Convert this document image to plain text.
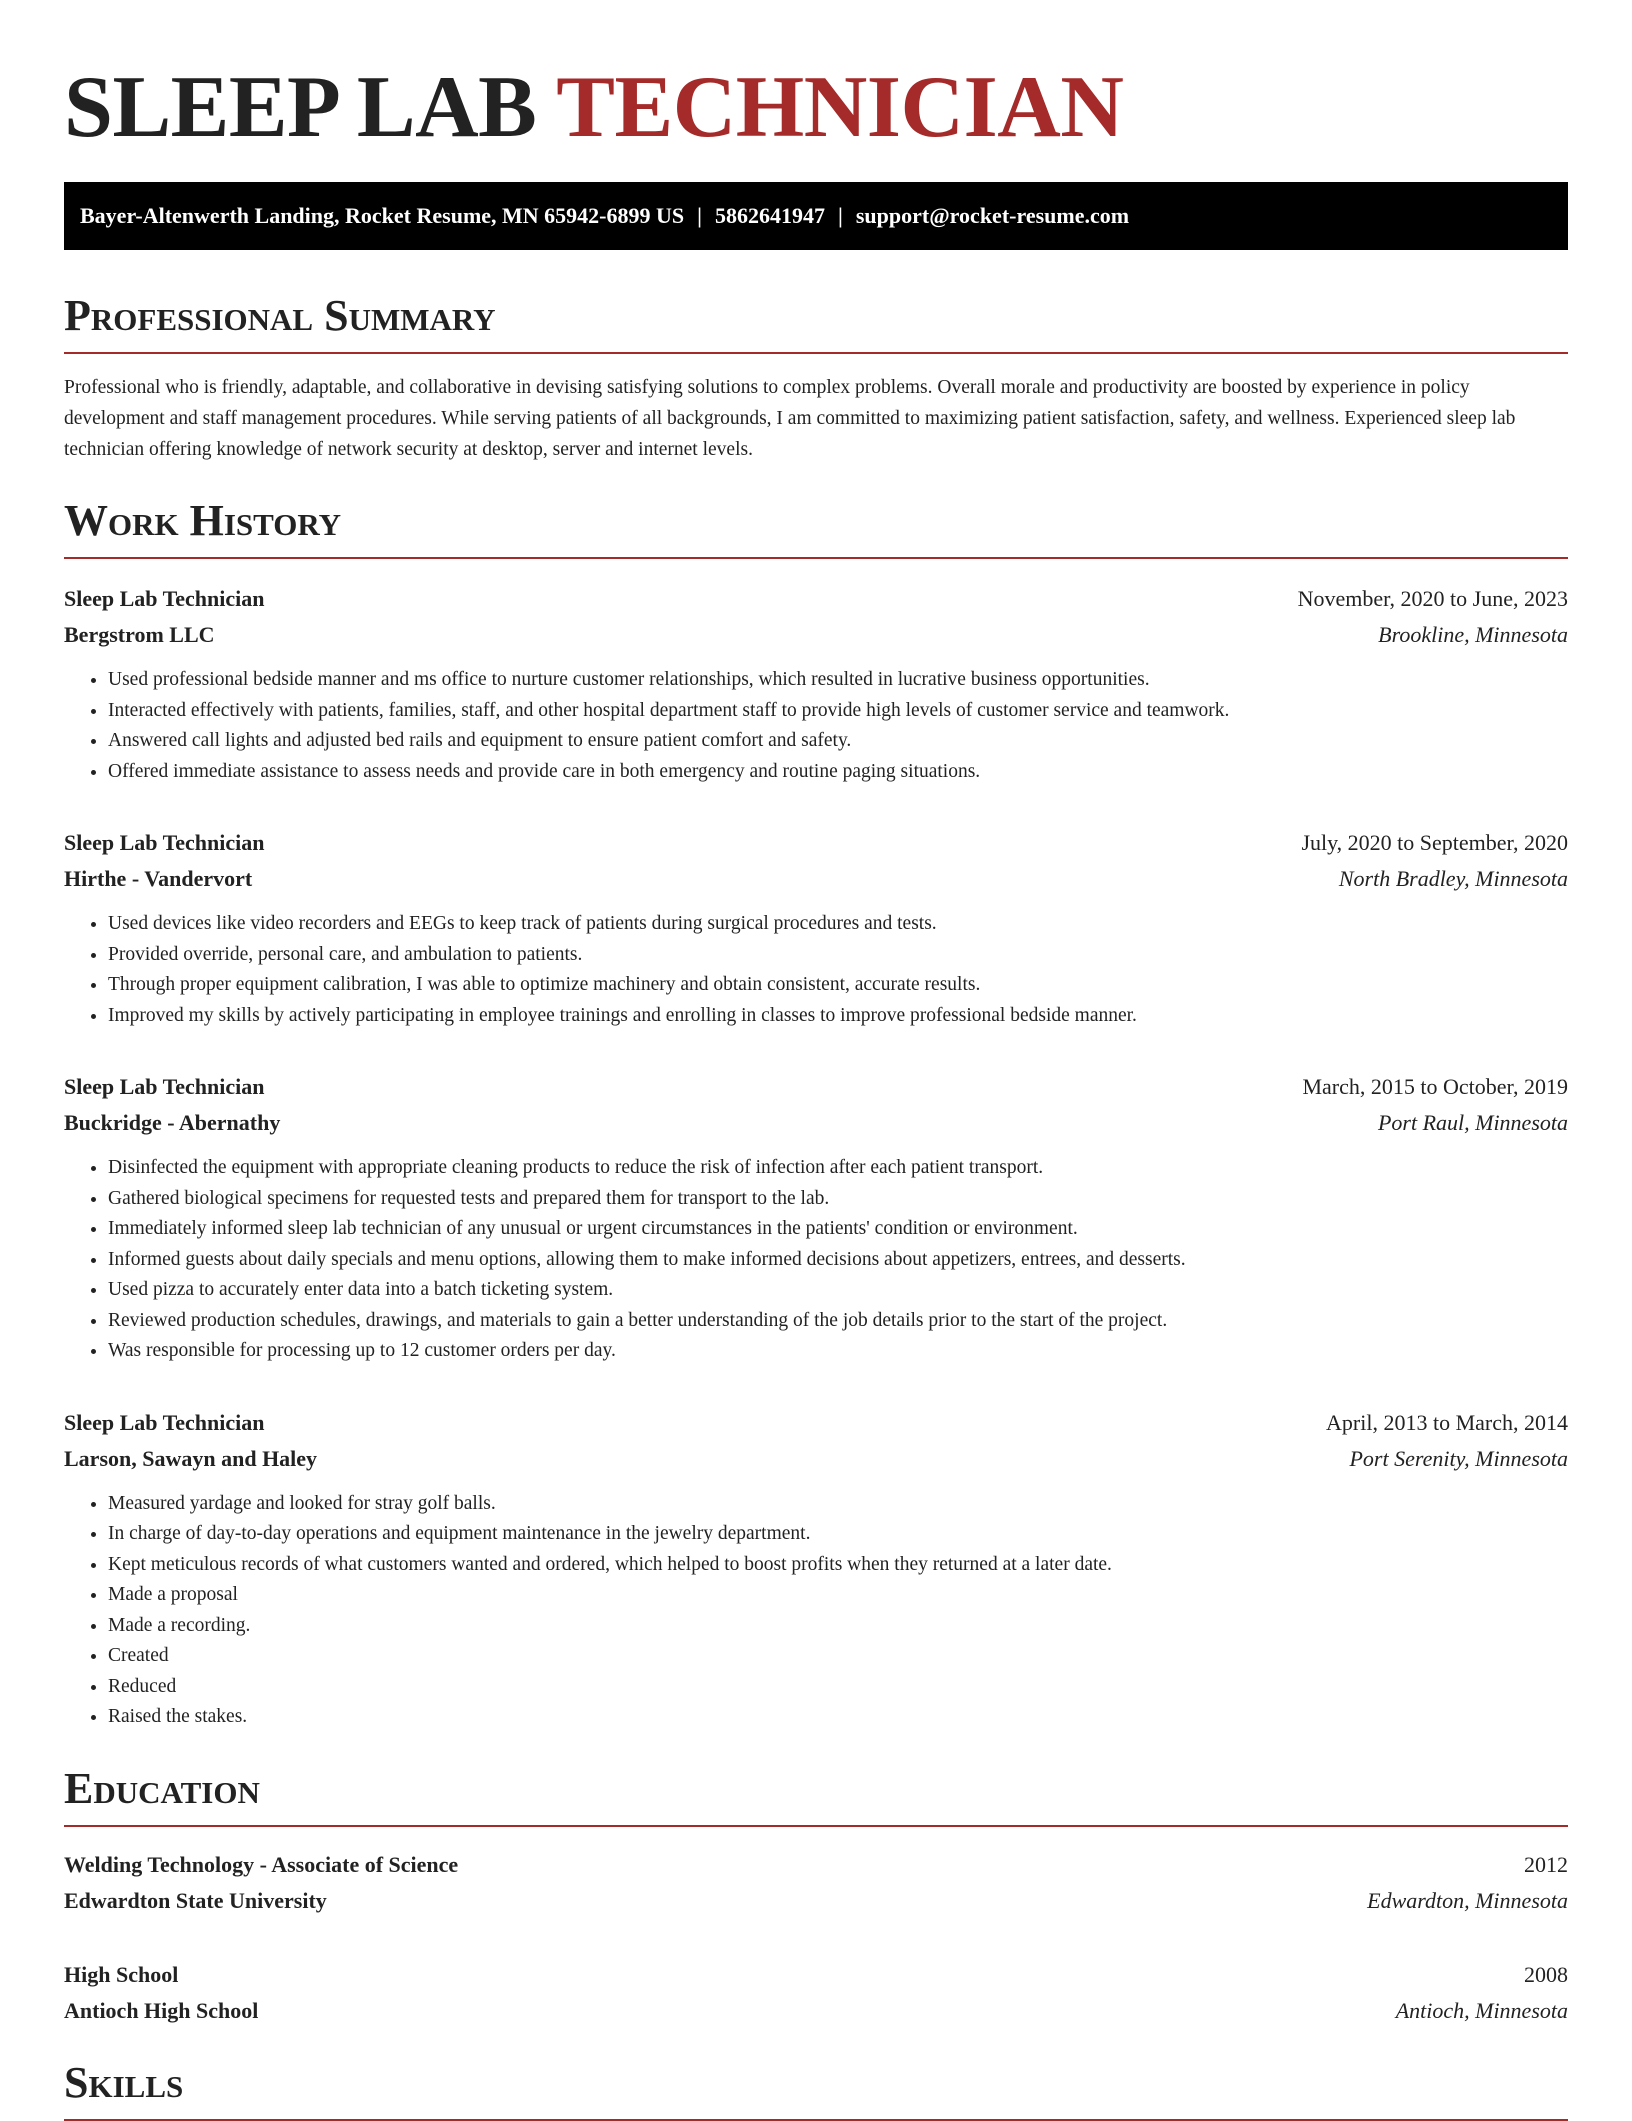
SLEEP LAB TECHNICIAN
Bayer-Altenwerth Landing, Rocket Resume, MN 65942-6899 US | 5862641947 | support@rocket-resume.com
Professional Summary

Professional who is friendly, adaptable, and collaborative in devising satisfying solutions to complex problems. Overall morale and productivity are boosted by experience in policy development and staff management procedures. While serving patients of all backgrounds, I am committed to maximizing patient satisfaction, safety, and wellness. Experienced sleep lab technician offering knowledge of network security at desktop, server and internet levels.

Work History
Sleep Lab Technician	November, 2020 to June, 2023
Bergstrom LLC	Brookline, Minnesota
• Used professional bedside manner and ms office to nurture customer relationships, which resulted in lucrative business opportunities.
• Interacted effectively with patients, families, staff, and other hospital department staff to provide high levels of customer service and teamwork.
• Answered call lights and adjusted bed rails and equipment to ensure patient comfort and safety.
• Offered immediate assistance to assess needs and provide care in both emergency and routine paging situations.
Sleep Lab Technician	July, 2020 to September, 2020
Hirthe - Vandervort	North Bradley, Minnesota
• Used devices like video recorders and EEGs to keep track of patients during surgical procedures and tests.
• Provided override, personal care, and ambulation to patients.
• Through proper equipment calibration, I was able to optimize machinery and obtain consistent, accurate results.
• Improved my skills by actively participating in employee trainings and enrolling in classes to improve professional bedside manner.
Sleep Lab Technician	March, 2015 to October, 2019
Buckridge - Abernathy	Port Raul, Minnesota
• Disinfected the equipment with appropriate cleaning products to reduce the risk of infection after each patient transport.
• Gathered biological specimens for requested tests and prepared them for transport to the lab.
• Immediately informed sleep lab technician of any unusual or urgent circumstances in the patients' condition or environment.
• Informed guests about daily specials and menu options, allowing them to make informed decisions about appetizers, entrees, and desserts.
• Used pizza to accurately enter data into a batch ticketing system.
• Reviewed production schedules, drawings, and materials to gain a better understanding of the job details prior to the start of the project.
• Was responsible for processing up to 12 customer orders per day.
Sleep Lab Technician	April, 2013 to March, 2014
Larson, Sawayn and Haley	Port Serenity, Minnesota
• Measured yardage and looked for stray golf balls.
• In charge of day-to-day operations and equipment maintenance in the jewelry department.
• Kept meticulous records of what customers wanted and ordered, which helped to boost profits when they returned at a later date.
• Made a proposal
• Made a recording.
• Created
• Reduced
• Raised the stakes.
Education
Welding Technology - Associate of Science	2012
Edwardton State University	Edwardton, Minnesota
High School	2008
Antioch High School	Antioch, Minnesota
Skills
